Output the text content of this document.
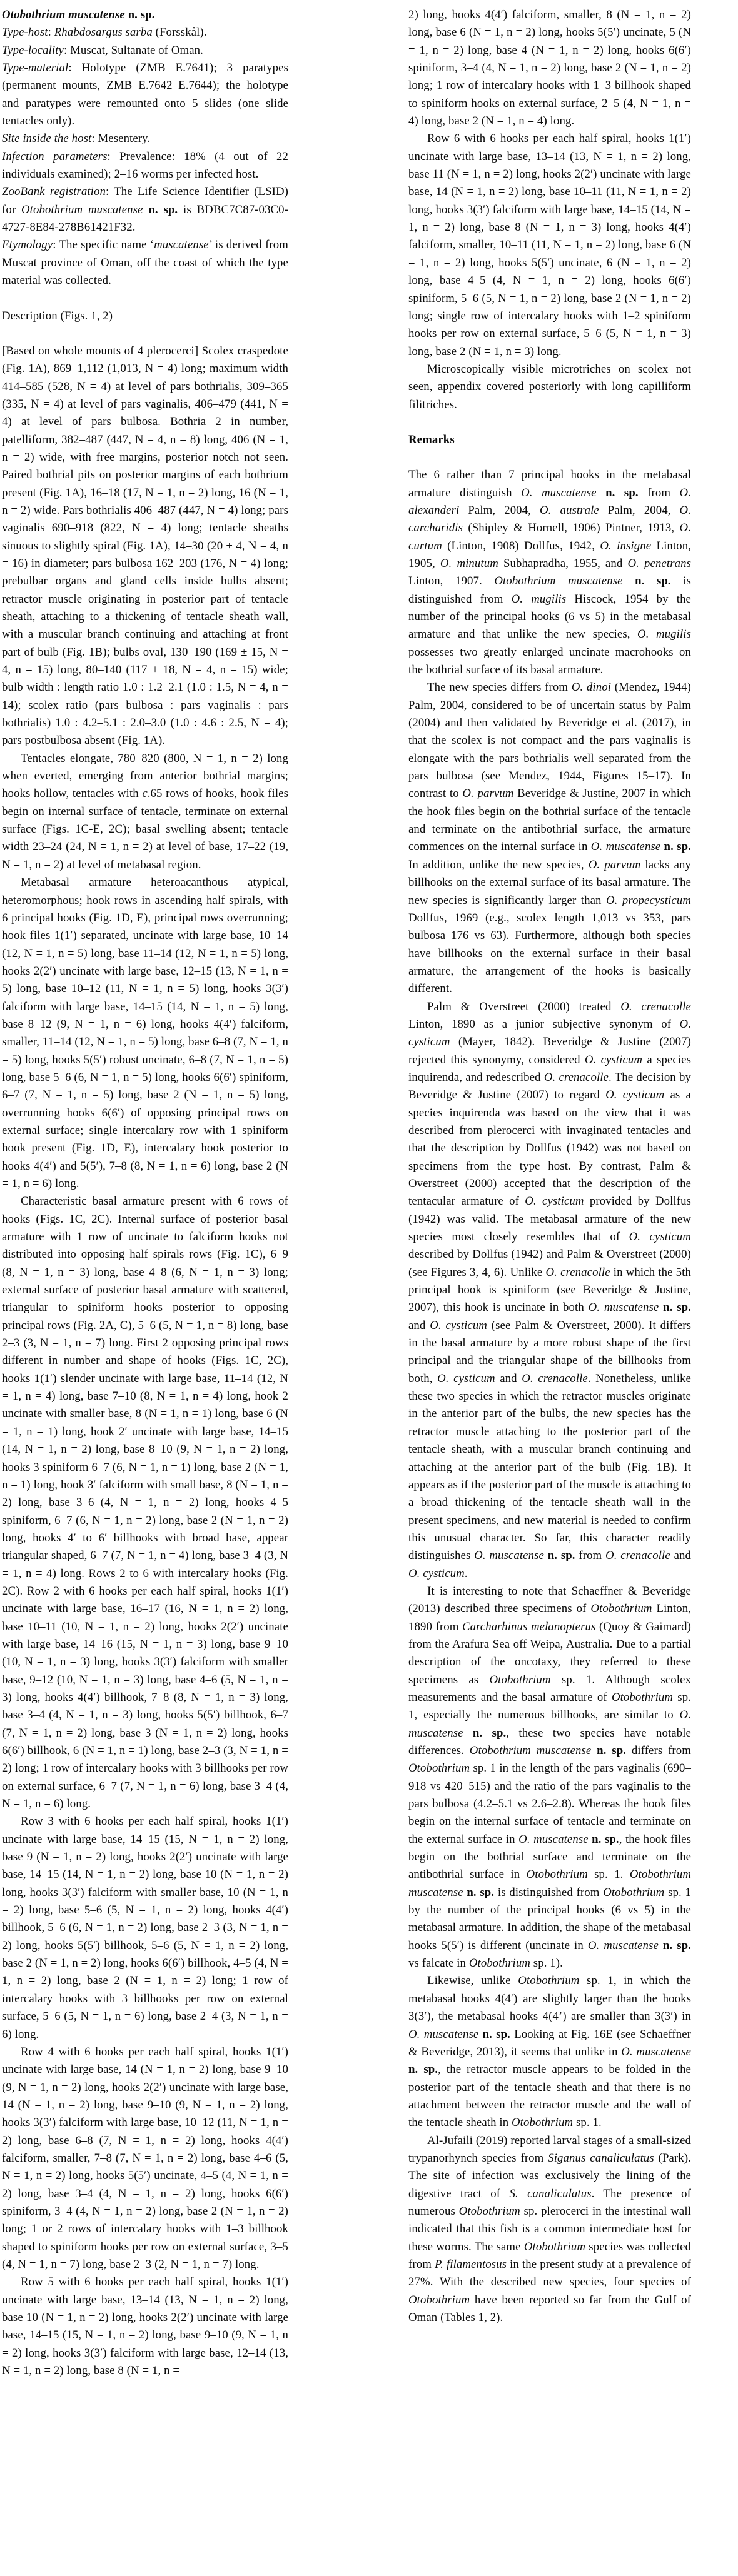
Otobothrium muscatense n. sp.

Type-host: Rhabdosargus sarba (Forsskål).

Type-locality: Muscat, Sultanate of Oman.

Type-material: Holotype (ZMB E.7641); 3 paratypes (permanent mounts, ZMB E.7642–E.7644); the holotype and paratypes were remounted onto 5 slides (one slide tentacles only).

Site inside the host: Mesentery.

Infection parameters: Prevalence: 18% (4 out of 22 individuals examined); 2–16 worms per infected host.

ZooBank registration: The Life Science Identifier (LSID) for Otobothrium muscatense n. sp. is BDBC7C87-03C0-4727-8E84-278B61421F32.

Etymology: The specific name ‘muscatense’ is derived from Muscat province of Oman, off the coast of which the type material was collected.

Description (Figs. 1, 2)

[Based on whole mounts of 4 plerocerci] Scolex craspedote (Fig. 1A), 869–1,112 (1,013, N = 4) long; maximum width 414–585 (528, N = 4) at level of pars bothrialis, 309–365 (335, N = 4) at level of pars vaginalis, 406–479 (441, N = 4) at level of pars bulbosa. Bothria 2 in number, patelliform, 382–487 (447, N = 4, n = 8) long, 406 (N = 1, n = 2) wide, with free margins, posterior notch not seen. Paired bothrial pits on posterior margins of each bothrium present (Fig. 1A), 16–18 (17, N = 1, n = 2) long, 16 (N = 1, n = 2) wide. Pars bothrialis 406–487 (447, N = 4) long; pars vaginalis 690–918 (822, N = 4) long; tentacle sheaths sinuous to slightly spiral (Fig. 1A), 14–30 (20 ± 4, N = 4, n = 16) in diameter; pars bulbosa 162–203 (176, N = 4) long; prebulbar organs and gland cells inside bulbs absent; retractor muscle originating in posterior part of tentacle sheath, attaching to a thickening of tentacle sheath wall, with a muscular branch continuing and attaching at front part of bulb (Fig. 1B); bulbs oval, 130–190 (169 ± 15, N = 4, n = 15) long, 80–140 (117 ± 18, N = 4, n = 15) wide; bulb width : length ratio 1.0 : 1.2–2.1 (1.0 : 1.5, N = 4, n = 14); scolex ratio (pars bulbosa : pars vaginalis : pars bothrialis) 1.0 : 4.2–5.1 : 2.0–3.0 (1.0 : 4.6 : 2.5, N = 4); pars postbulbosa absent (Fig. 1A).

Tentacles elongate, 780–820 (800, N = 1, n = 2) long when everted, emerging from anterior bothrial margins; hooks hollow, tentacles with c.65 rows of hooks, hook files begin on internal surface of tentacle, terminate on external surface (Figs. 1C-E, 2C); basal swelling absent; tentacle width 23–24 (24, N = 1, n = 2) at level of base, 17–22 (19, N = 1, n = 2) at level of metabasal region.

Metabasal armature heteroacanthous atypical, heteromorphous; hook rows in ascending half spirals, with 6 principal hooks (Fig. 1D, E), principal rows overrunning; hook files 1(1′) separated, uncinate with large base, 10–14 (12, N = 1, n = 5) long, base 11–14 (12, N = 1, n = 5) long, hooks 2(2′) uncinate with large base, 12–15 (13, N = 1, n = 5) long, base 10–12 (11, N = 1, n = 5) long, hooks 3(3′) falciform with large base, 14–15 (14, N = 1, n = 5) long, base 8–12 (9, N = 1, n = 6) long, hooks 4(4′) falciform, smaller, 11–14 (12, N = 1, n = 5) long, base 6–8 (7, N = 1, n = 5) long, hooks 5(5′) robust uncinate, 6–8 (7, N = 1, n = 5) long, base 5–6 (6, N = 1, n = 5) long, hooks 6(6′) spiniform, 6–7 (7, N = 1, n = 5) long, base 2 (N = 1, n = 5) long, overrunning hooks 6(6′) of opposing principal rows on external surface; single intercalary row with 1 spiniform hook present (Fig. 1D, E), intercalary hook posterior to hooks 4(4′) and 5(5′), 7–8 (8, N = 1, n = 6) long, base 2 (N = 1, n = 6) long.

Characteristic basal armature present with 6 rows of hooks (Figs. 1C, 2C). Internal surface of posterior basal armature with 1 row of uncinate to falciform hooks not distributed into opposing half spirals rows (Fig. 1C), 6–9 (8, N = 1, n = 3) long, base 4–8 (6, N = 1, n = 3) long; external surface of posterior basal armature with scattered, triangular to spiniform hooks posterior to opposing principal rows (Fig. 2A, C), 5–6 (5, N = 1, n = 8) long, base 2–3 (3, N = 1, n = 7) long. First 2 opposing principal rows different in number and shape of hooks (Figs. 1C, 2C), hooks 1(1′) slender uncinate with large base, 11–14 (12, N = 1, n = 4) long, base 7–10 (8, N = 1, n = 4) long, hook 2 uncinate with smaller base, 8 (N = 1, n = 1) long, base 6 (N = 1, n = 1) long, hook 2′ uncinate with large base, 14–15 (14, N = 1, n = 2) long, base 8–10 (9, N = 1, n = 2) long, hooks 3 spiniform 6–7 (6, N = 1, n = 1) long, base 2 (N = 1, n = 1) long, hook 3′ falciform with small base, 8 (N = 1, n = 2) long, base 3–6 (4, N = 1, n = 2) long, hooks 4–5 spiniform, 6–7 (6, N = 1, n = 2) long, base 2 (N = 1, n = 2) long, hooks 4′ to 6′ billhooks with broad base, appear triangular shaped, 6–7 (7, N = 1, n = 4) long, base 3–4 (3, N = 1, n = 4) long. Rows 2 to 6 with intercalary hooks (Fig. 2C). Row 2 with 6 hooks per each half spiral, hooks 1(1′) uncinate with large base, 16–17 (16, N = 1, n = 2) long, base 10–11 (10, N = 1, n = 2) long, hooks 2(2′) uncinate with large base, 14–16 (15, N = 1, n = 3) long, base 9–10 (10, N = 1, n = 3) long, hooks 3(3′) falciform with smaller base, 9–12 (10, N = 1, n = 3) long, base 4–6 (5, N = 1, n = 3) long, hooks 4(4′) billhook, 7–8 (8, N = 1, n = 3) long, base 3–4 (4, N = 1, n = 3) long, hooks 5(5′) billhook, 6–7 (7, N = 1, n = 2) long, base 3 (N = 1, n = 2) long, hooks 6(6′) billhook, 6 (N = 1, n = 1) long, base 2–3 (3, N = 1, n = 2) long; 1 row of intercalary hooks with 3 billhooks per row on external surface, 6–7 (7, N = 1, n = 6) long, base 3–4 (4, N = 1, n = 6) long.

Row 3 with 6 hooks per each half spiral, hooks 1(1′) uncinate with large base, 14–15 (15, N = 1, n = 2) long, base 9 (N = 1, n = 2) long, hooks 2(2′) uncinate with large base, 14–15 (14, N = 1, n = 2) long, base 10 (N = 1, n = 2) long, hooks 3(3′) falciform with smaller base, 10 (N = 1, n = 2) long, base 5–6 (5, N = 1, n = 2) long, hooks 4(4′) billhook, 5–6 (6, N = 1, n = 2) long, base 2–3 (3, N = 1, n = 2) long, hooks 5(5′) billhook, 5–6 (5, N = 1, n = 2) long, base 2 (N = 1, n = 2) long, hooks 6(6′) billhook, 4–5 (4, N = 1, n = 2) long, base 2 (N = 1, n = 2) long; 1 row of intercalary hooks with 3 billhooks per row on external surface, 5–6 (5, N = 1, n = 6) long, base 2–4 (3, N = 1, n = 6) long.

Row 4 with 6 hooks per each half spiral, hooks 1(1′) uncinate with large base, 14 (N = 1, n = 2) long, base 9–10 (9, N = 1, n = 2) long, hooks 2(2′) uncinate with large base, 14 (N = 1, n = 2) long, base 9–10 (9, N = 1, n = 2) long, hooks 3(3′) falciform with large base, 10–12 (11, N = 1, n = 2) long, base 6–8 (7, N = 1, n = 2) long, hooks 4(4′) falciform, smaller, 7–8 (7, N = 1, n = 2) long, base 4–6 (5, N = 1, n = 2) long, hooks 5(5′) uncinate, 4–5 (4, N = 1, n = 2) long, base 3–4 (4, N = 1, n = 2) long, hooks 6(6′) spiniform, 3–4 (4, N = 1, n = 2) long, base 2 (N = 1, n = 2) long; 1 or 2 rows of intercalary hooks with 1–3 billhook shaped to spiniform hooks per row on external surface, 3–5 (4, N = 1, n = 7) long, base 2–3 (2, N = 1, n = 7) long.

Row 5 with 6 hooks per each half spiral, hooks 1(1′) uncinate with large base, 13–14 (13, N = 1, n = 2) long, base 10 (N = 1, n = 2) long, hooks 2(2′) uncinate with large base, 14–15 (15, N = 1, n = 2) long, base 9–10 (9, N = 1, n = 2) long, hooks 3(3′) falciform with large base, 12–14 (13, N = 1, n = 2) long, base 8 (N = 1, n =

2) long, hooks 4(4′) falciform, smaller, 8 (N = 1, n = 2) long, base 6 (N = 1, n = 2) long, hooks 5(5′) uncinate, 5 (N = 1, n = 2) long, base 4 (N = 1, n = 2) long, hooks 6(6′) spiniform, 3–4 (4, N = 1, n = 2) long, base 2 (N = 1, n = 2) long; 1 row of intercalary hooks with 1–3 billhook shaped to spiniform hooks on external surface, 2–5 (4, N = 1, n = 4) long, base 2 (N = 1, n = 4) long.

Row 6 with 6 hooks per each half spiral, hooks 1(1′) uncinate with large base, 13–14 (13, N = 1, n = 2) long, base 11 (N = 1, n = 2) long, hooks 2(2′) uncinate with large base, 14 (N = 1, n = 2) long, base 10–11 (11, N = 1, n = 2) long, hooks 3(3′) falciform with large base, 14–15 (14, N = 1, n = 2) long, base 8 (N = 1, n = 3) long, hooks 4(4′) falciform, smaller, 10–11 (11, N = 1, n = 2) long, base 6 (N = 1, n = 2) long, hooks 5(5′) uncinate, 6 (N = 1, n = 2) long, base 4–5 (4, N = 1, n = 2) long, hooks 6(6′) spiniform, 5–6 (5, N = 1, n = 2) long, base 2 (N = 1, n = 2) long; single row of intercalary hooks with 1–2 spiniform hooks per row on external surface, 5–6 (5, N = 1, n = 3) long, base 2 (N = 1, n = 3) long.

Microscopically visible microtriches on scolex not seen, appendix covered posteriorly with long capilliform filitriches.

Remarks

The 6 rather than 7 principal hooks in the metabasal armature distinguish O. muscatense n. sp. from O. alexanderi Palm, 2004, O. australe Palm, 2004, O. carcharidis (Shipley & Hornell, 1906) Pintner, 1913, O. curtum (Linton, 1908) Dollfus, 1942, O. insigne Linton, 1905, O. minutum Subhapradha, 1955, and O. penetrans Linton, 1907. Otobothrium muscatense n. sp. is distinguished from O. mugilis Hiscock, 1954 by the number of the principal hooks (6 vs 5) in the metabasal armature and that unlike the new species, O. mugilis possesses two greatly enlarged uncinate macrohooks on the bothrial surface of its basal armature.

The new species differs from O. dinoi (Mendez, 1944) Palm, 2004, considered to be of uncertain status by Palm (2004) and then validated by Beveridge et al. (2017), in that the scolex is not compact and the pars vaginalis is elongate with the pars bothrialis well separated from the pars bulbosa (see Mendez, 1944, Figures 15–17). In contrast to O. parvum Beveridge & Justine, 2007 in which the hook files begin on the bothrial surface of the tentacle and terminate on the antibothrial surface, the armature commences on the internal surface in O. muscatense n. sp. In addition, unlike the new species, O. parvum lacks any billhooks on the external surface of its basal armature. The new species is significantly larger than O. propecysticum Dollfus, 1969 (e.g., scolex length 1,013 vs 353, pars bulbosa 176 vs 63). Furthermore, although both species have billhooks on the external surface in their basal armature, the arrangement of the hooks is basically different.

Palm & Overstreet (2000) treated O. crenacolle Linton, 1890 as a junior subjective synonym of O. cysticum (Mayer, 1842). Beveridge & Justine (2007) rejected this synonymy, considered O. cysticum a species inquirenda, and redescribed O. crenacolle. The decision by Beveridge & Justine (2007) to regard O. cysticum as a species inquirenda was based on the view that it was described from plerocerci with invaginated tentacles and that the description by Dollfus (1942) was not based on specimens from the type host. By contrast, Palm & Overstreet (2000) accepted that the description of the tentacular armature of O. cysticum provided by Dollfus (1942) was valid. The metabasal armature of the new species most closely resembles that of O. cysticum described by Dollfus (1942) and Palm & Overstreet (2000) (see Figures 3, 4, 6). Unlike O. crenacolle in which the 5th principal hook is spiniform (see Beveridge & Justine, 2007), this hook is uncinate in both O. muscatense n. sp. and O. cysticum (see Palm & Overstreet, 2000). It differs in the basal armature by a more robust shape of the first principal and the triangular shape of the billhooks from both, O. cysticum and O. crenacolle. Nonetheless, unlike these two species in which the retractor muscles originate in the anterior part of the bulbs, the new species has the retractor muscle attaching to the posterior part of the tentacle sheath, with a muscular branch continuing and attaching at the anterior part of the bulb (Fig. 1B). It appears as if the posterior part of the muscle is attaching to a broad thickening of the tentacle sheath wall in the present specimens, and new material is needed to confirm this unusual character. So far, this character readily distinguishes O. muscatense n. sp. from O. crenacolle and O. cysticum.

It is interesting to note that Schaeffner & Beveridge (2013) described three specimens of Otobothrium Linton, 1890 from Carcharhinus melanopterus (Quoy & Gaimard) from the Arafura Sea off Weipa, Australia. Due to a partial description of the oncotaxy, they referred to these specimens as Otobothrium sp. 1. Although scolex measurements and the basal armature of Otobothrium sp. 1, especially the numerous billhooks, are similar to O. muscatense n. sp., these two species have notable differences. Otobothrium muscatense n. sp. differs from Otobothrium sp. 1 in the length of the pars vaginalis (690–918 vs 420–515) and the ratio of the pars vaginalis to the pars bulbosa (4.2–5.1 vs 2.6–2.8). Whereas the hook files begin on the internal surface of tentacle and terminate on the external surface in O. muscatense n. sp., the hook files begin on the bothrial surface and terminate on the antibothrial surface in Otobothrium sp. 1. Otobothrium muscatense n. sp. is distinguished from Otobothrium sp. 1 by the number of the principal hooks (6 vs 5) in the metabasal armature. In addition, the shape of the metabasal hooks 5(5′) is different (uncinate in O. muscatense n. sp. vs falcate in Otobothrium sp. 1).

Likewise, unlike Otobothrium sp. 1, in which the metabasal hooks 4(4′) are slightly larger than the hooks 3(3′), the metabasal hooks 4(4’) are smaller than 3(3′) in O. muscatense n. sp. Looking at Fig. 16E (see Schaeffner & Beveridge, 2013), it seems that unlike in O. muscatense n. sp., the retractor muscle appears to be folded in the posterior part of the tentacle sheath and that there is no attachment between the retractor muscle and the wall of the tentacle sheath in Otobothrium sp. 1.

Al-Jufaili (2019) reported larval stages of a small-sized trypanorhynch species from Siganus canaliculatus (Park). The site of infection was exclusively the lining of the digestive tract of S. canaliculatus. The presence of numerous Otobothrium sp. plerocerci in the intestinal wall indicated that this fish is a common intermediate host for these worms. The same Otobothrium species was collected from P. filamentosus in the present study at a prevalence of 27%. With the described new species, four species of Otobothrium have been reported so far from the Gulf of Oman (Tables 1, 2).
